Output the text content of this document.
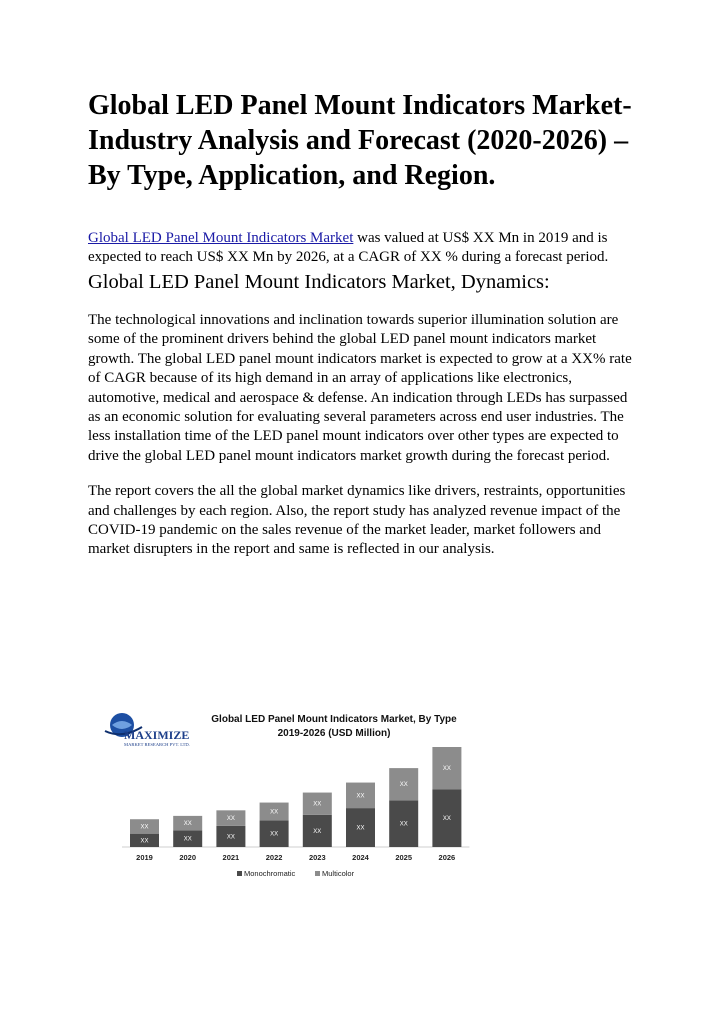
Global LED Panel Mount Indicators Market-Industry Analysis and Forecast (2020-2026) – By Type, Application, and Region.
Global LED Panel Mount Indicators Market was valued at US$ XX Mn in 2019 and is expected to reach US$ XX Mn by 2026, at a CAGR of XX % during a forecast period.
Global LED Panel Mount Indicators Market, Dynamics:

The technological innovations and inclination towards superior illumination solution are some of the prominent drivers behind the global LED panel mount indicators market growth. The global LED panel mount indicators market is expected to grow at a XX% rate of CAGR because of its high demand in an array of applications like electronics, automotive, medical and aerospace & defense. An indication through LEDs has surpassed as an economic solution for evaluating several parameters across end user industries. The less installation time of the LED panel mount indicators over other types are expected to drive the global LED panel mount indicators market growth during the forecast period.

The report covers the all the global market dynamics like drivers, restraints, opportunities and challenges by each region. Also, the report study has analyzed revenue impact of the COVID-19 pandemic on the sales revenue of the market leader, market followers and market disrupters in the report and same is reflected in our analysis.

MAXIMIZE
MARKET RESEARCH PVT. LTD.
Global LED Panel Mount Indicators Market, By Type
2019-2026 (USD Million)
XX
XX
2019
XX
XX
2020
XX
XX
2021
XX
XX
2022
XX
XX
2023
XX
XX
2024
XX
XX
2025
XX
XX
2026
Monochromatic	Multicolor
